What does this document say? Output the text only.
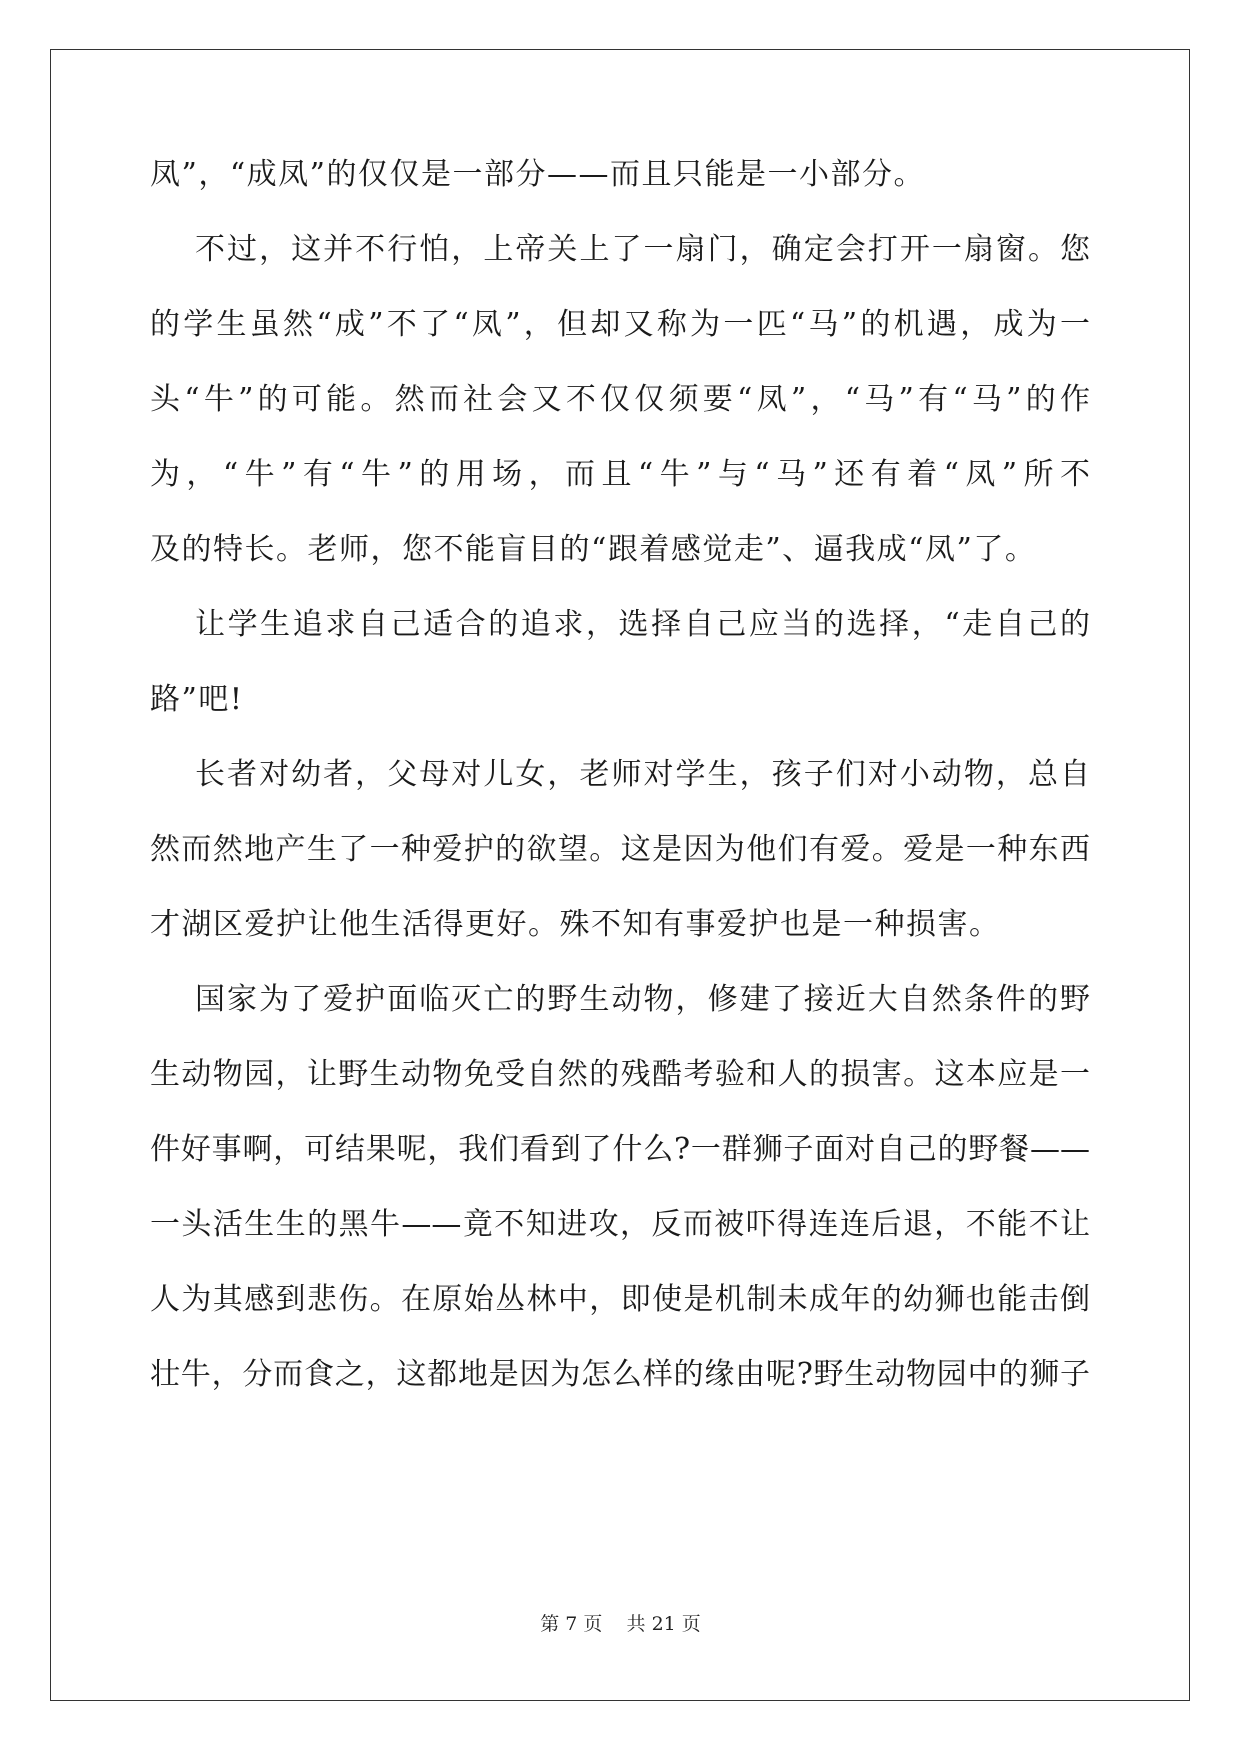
凤”，“成凤”的仅仅是一部分——而且只能是一小部分。
不过，这并不行怕，上帝关上了一扇门，确定会打开一扇窗。您
的学生虽然“成”不了“凤”，但却又称为一匹“马”的机遇，成为一
头“牛”的可能。然而社会又不仅仅须要“凤”，“马”有“马”的作
为，“牛”有“牛”的用场，而且“牛”与“马”还有着“凤”所不
及的特长。老师，您不能盲目的“跟着感觉走”、逼我成“凤”了。
让学生追求自己适合的追求，选择自己应当的选择，“走自己的
路”吧!
长者对幼者，父母对儿女，老师对学生，孩子们对小动物，总自
然而然地产生了一种爱护的欲望。这是因为他们有爱。爱是一种东西
才湖区爱护让他生活得更好。殊不知有事爱护也是一种损害。
国家为了爱护面临灭亡的野生动物，修建了接近大自然条件的野
生动物园，让野生动物免受自然的残酷考验和人的损害。这本应是一
件好事啊，可结果呢，我们看到了什么?一群狮子面对自己的野餐——
一头活生生的黑牛——竟不知进攻，反而被吓得连连后退，不能不让
人为其感到悲伤。在原始丛林中，即使是机制未成年的幼狮也能击倒
壮牛，分而食之，这都地是因为怎么样的缘由呢?野生动物园中的狮子
第 7 页 共 21 页
